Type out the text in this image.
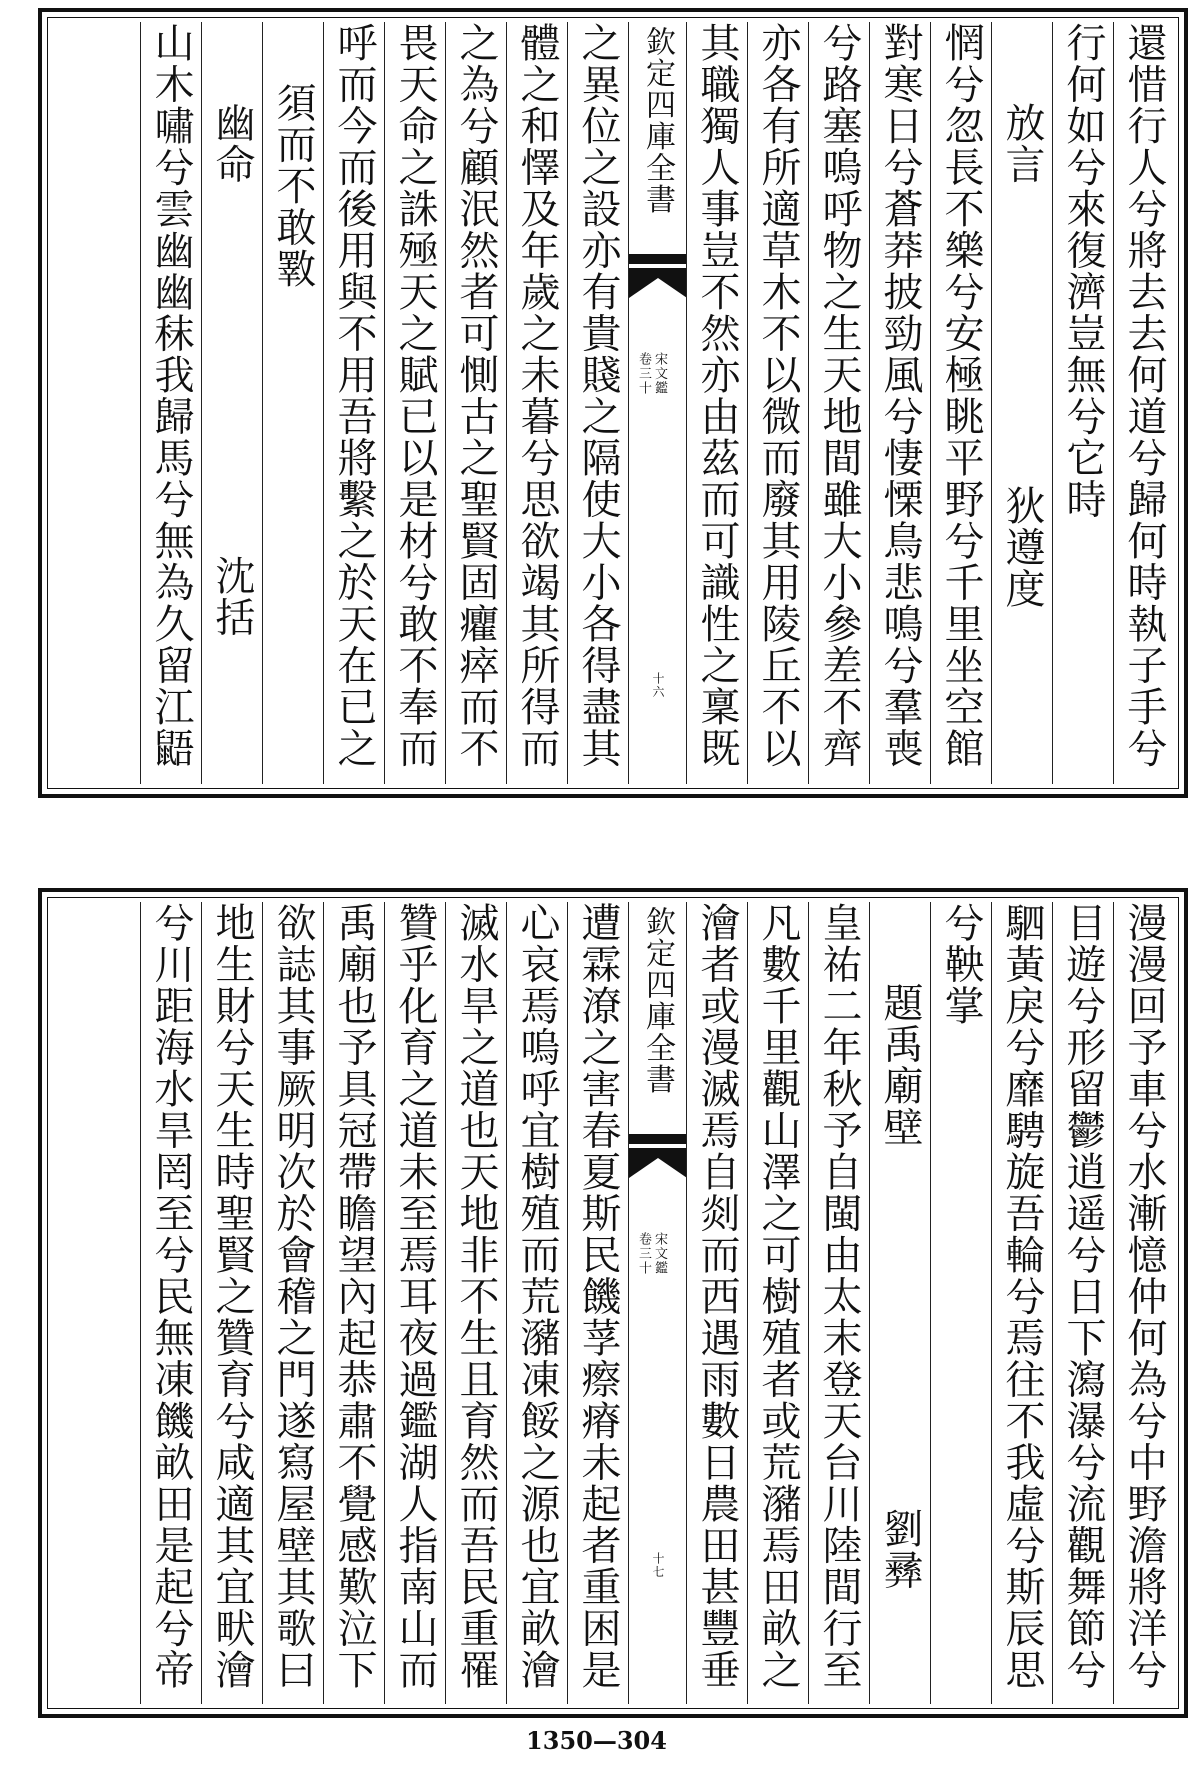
還惜行人兮將去去何道兮歸何時執子手兮
行何如兮來復濟豈無兮它時
放言狄遵度
惘兮忽長不樂兮安極眺平野兮千里坐空館
對寒日兮蒼莽披勁風兮悽慄鳥悲鳴兮羣喪
兮路塞嗚呼物之生天地間雖大小參差不齊
亦各有所適草木不以微而廢其用陵丘不以
其職獨人事豈不然亦由茲而可識性之稟既
欽定四庫全書
宋文鑑
卷三十
十六
之異位之設亦有貴賤之隔使大小各得盡其
體之和懌及年歲之未暮兮思欲竭其所得而
之為兮顧泯然者可惻古之聖賢固癯瘁而不
畏天命之誅殛天之賦已以是材兮敢不奉而
呼而今而後用與不用吾將繫之於天在已之
須而不敢斁
幽命沈括
山木嘯兮雲幽幽秣我歸馬兮無為久留江鼯
漫漫回予車兮水漸憶仲何為兮中野澹將洋兮
目遊兮形留鬱逍遥兮日下瀉瀑兮流觀舞節兮
駟黃戾兮靡騁旋吾輪兮焉往不我虛兮斯辰思
兮鞅掌
題禹廟壁劉彞
皇祐二年秋予自閩由太末登天台川陸間行至
凡數千里觀山澤之可樹殖者或荒瀦焉田畝之
澮者或漫滅焉自剡而西遇雨數日農田甚豐垂
欽定四庫全書
宋文鑑
卷三十
十七
遭霖潦之害春夏斯民饑莩瘵瘠未起者重困是
心哀焉嗚呼宜樹殖而荒瀦凍餒之源也宜畝澮
滅水旱之道也天地非不生且育然而吾民重罹
贊乎化育之道未至焉耳夜過鑑湖人指南山而
禹廟也予具冠帶瞻望內起恭肅不覺感歎泣下
欲誌其事厥明次於會稽之門遂寫屋壁其歌曰
地生財兮天生時聖賢之贊育兮咸適其宜畎澮
兮川距海水旱罔至兮民無凍饑畝田是起兮帝
1350—304
